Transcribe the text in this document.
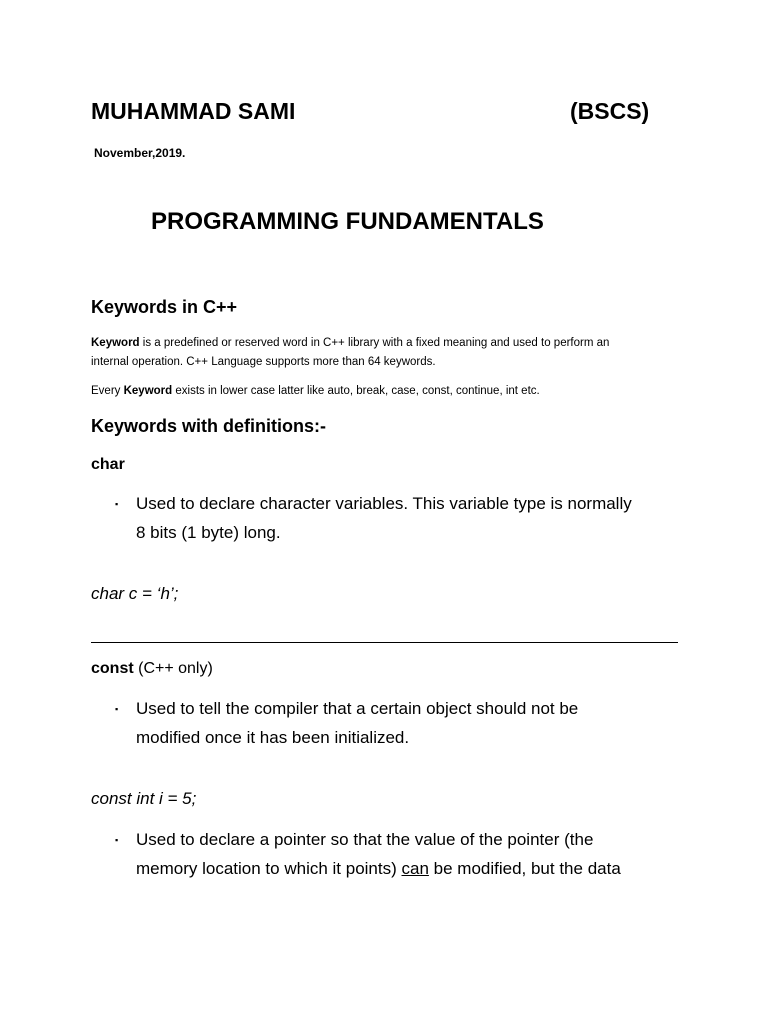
MUHAMMAD SAMI	(BSCS)
November,2019.
PROGRAMMING FUNDAMENTALS
Keywords in C++
Keyword is a predefined or reserved word in C++ library with a fixed meaning and used to perform an
internal operation. C++ Language supports more than 64 keywords.
Every Keyword exists in lower case latter like auto, break, case, const, continue, int etc.
Keywords with definitions:-
char
▪ Used to declare character variables. This variable type is normally
8 bits (1 byte) long.
char c = ‘h’;
const (C++ only)
▪ Used to tell the compiler that a certain object should not be
modified once it has been initialized.
const int i = 5;
▪ Used to declare a pointer so that the value of the pointer (the
memory location to which it points) can be modified, but the data
